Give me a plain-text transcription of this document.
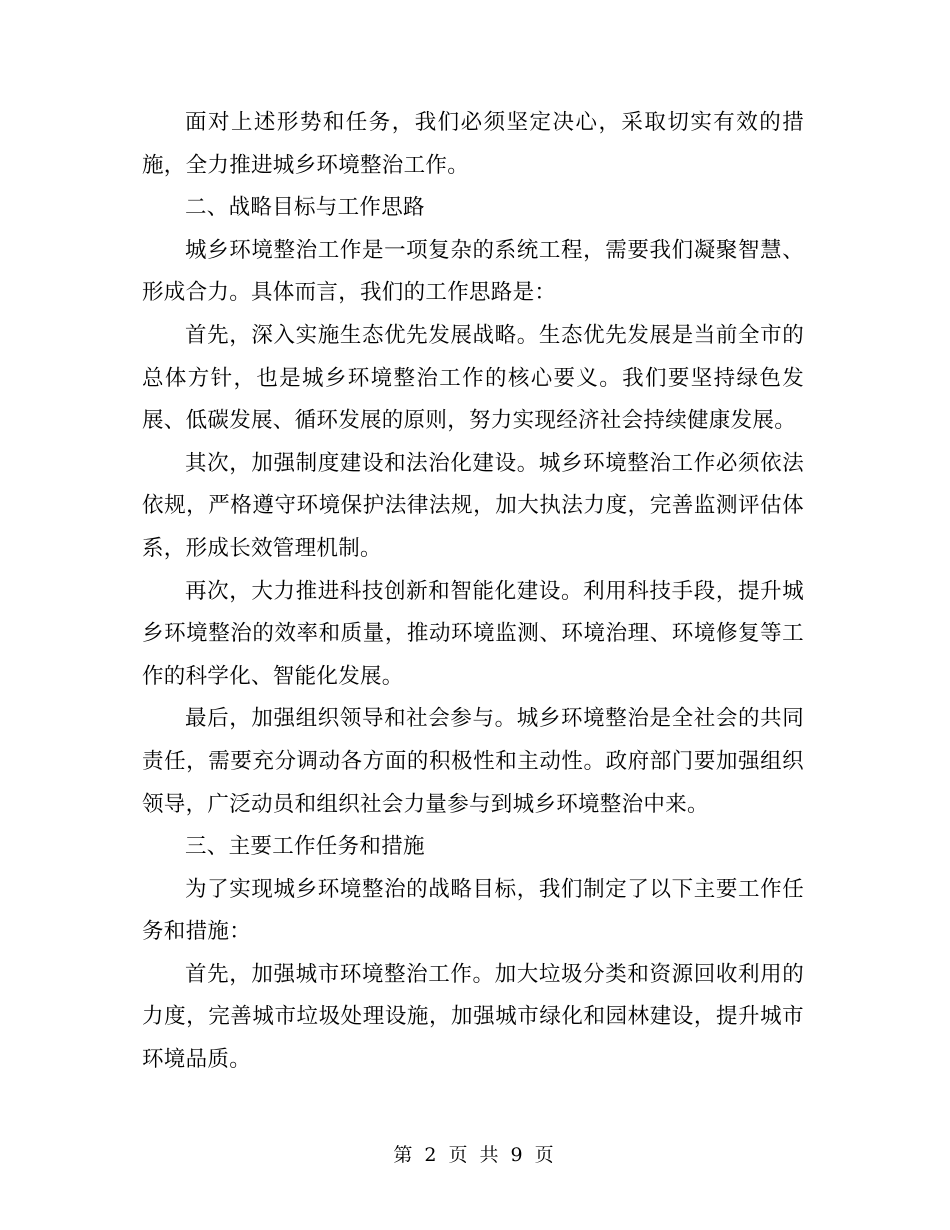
面对上述形势和任务，我们必须坚定决心，采取切实有效的措施，全力推进城乡环境整治工作。

二、战略目标与工作思路

城乡环境整治工作是一项复杂的系统工程，需要我们凝聚智慧、形成合力。具体而言，我们的工作思路是：

首先，深入实施生态优先发展战略。生态优先发展是当前全市的总体方针，也是城乡环境整治工作的核心要义。我们要坚持绿色发展、低碳发展、循环发展的原则，努力实现经济社会持续健康发展。

其次，加强制度建设和法治化建设。城乡环境整治工作必须依法依规，严格遵守环境保护法律法规，加大执法力度，完善监测评估体系，形成长效管理机制。

再次，大力推进科技创新和智能化建设。利用科技手段，提升城乡环境整治的效率和质量，推动环境监测、环境治理、环境修复等工作的科学化、智能化发展。

最后，加强组织领导和社会参与。城乡环境整治是全社会的共同责任，需要充分调动各方面的积极性和主动性。政府部门要加强组织领导，广泛动员和组织社会力量参与到城乡环境整治中来。

三、主要工作任务和措施

为了实现城乡环境整治的战略目标，我们制定了以下主要工作任务和措施：

首先，加强城市环境整治工作。加大垃圾分类和资源回收利用的力度，完善城市垃圾处理设施，加强城市绿化和园林建设，提升城市环境品质。

第 2 页 共 9 页
